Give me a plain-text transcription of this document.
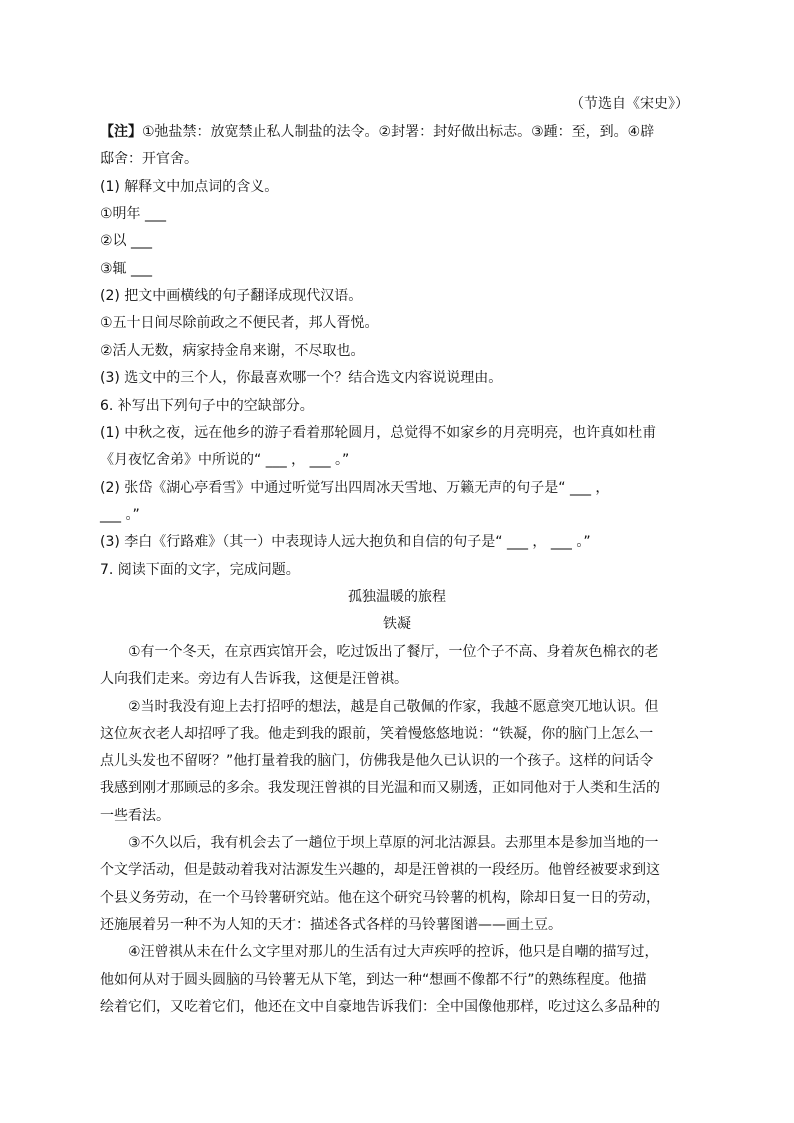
（节选自《宋史》）
【注】①弛盐禁：放宽禁止私人制盐的法令。②封署：封好做出标志。③踵：至，到。④辟
邸舍：开官舍。
(1) 解释文中加点词的含义。
①明年 ___
②以 ___
③辄 ___
(2) 把文中画横线的句子翻译成现代汉语。
①五十日间尽除前政之不便民者，邦人胥悦。
②活人无数，病家持金帛来谢，不尽取也。
(3) 选文中的三个人，你最喜欢哪一个？结合选文内容说说理由。
6. 补写出下列句子中的空缺部分。
(1) 中秋之夜，远在他乡的游子看着那轮圆月，总觉得不如家乡的月亮明亮，也许真如杜甫
《月夜忆舍弟》中所说的“ ___ ， ___ 。”
(2) 张岱《湖心亭看雪》中通过听觉写出四周冰天雪地、万籁无声的句子是“ ___ ，
___ 。”
(3) 李白《行路难》（其一）中表现诗人远大抱负和自信的句子是“ ___ ， ___ 。”
7. 阅读下面的文字，完成问题。
孤独温暖的旅程
铁凝
①有一个冬天，在京西宾馆开会，吃过饭出了餐厅，一位个子不高、身着灰色棉衣的老
人向我们走来。旁边有人告诉我，这便是汪曾祺。
②当时我没有迎上去打招呼的想法，越是自己敬佩的作家，我越不愿意突兀地认识。但
这位灰衣老人却招呼了我。他走到我的跟前，笑着慢悠悠地说：“铁凝，你的脑门上怎么一
点儿头发也不留呀？”他打量着我的脑门，仿佛我是他久已认识的一个孩子。这样的问话令
我感到刚才那顾忌的多余。我发现汪曾祺的目光温和而又剔透，正如同他对于人类和生活的
一些看法。
③不久以后，我有机会去了一趟位于坝上草原的河北沽源县。去那里本是参加当地的一
个文学活动，但是鼓动着我对沽源发生兴趣的，却是汪曾祺的一段经历。他曾经被要求到这
个县义务劳动，在一个马铃薯研究站。他在这个研究马铃薯的机构，除却日复一日的劳动，
还施展着另一种不为人知的天才：描述各式各样的马铃薯图谱——画土豆。
④汪曾祺从未在什么文字里对那儿的生活有过大声疾呼的控诉，他只是自嘲的描写过，
他如何从对于圆头圆脑的马铃薯无从下笔，到达一种“想画不像都不行”的熟练程度。他描
绘着它们，又吃着它们，他还在文中自豪地告诉我们：全中国像他那样，吃过这么多品种的
